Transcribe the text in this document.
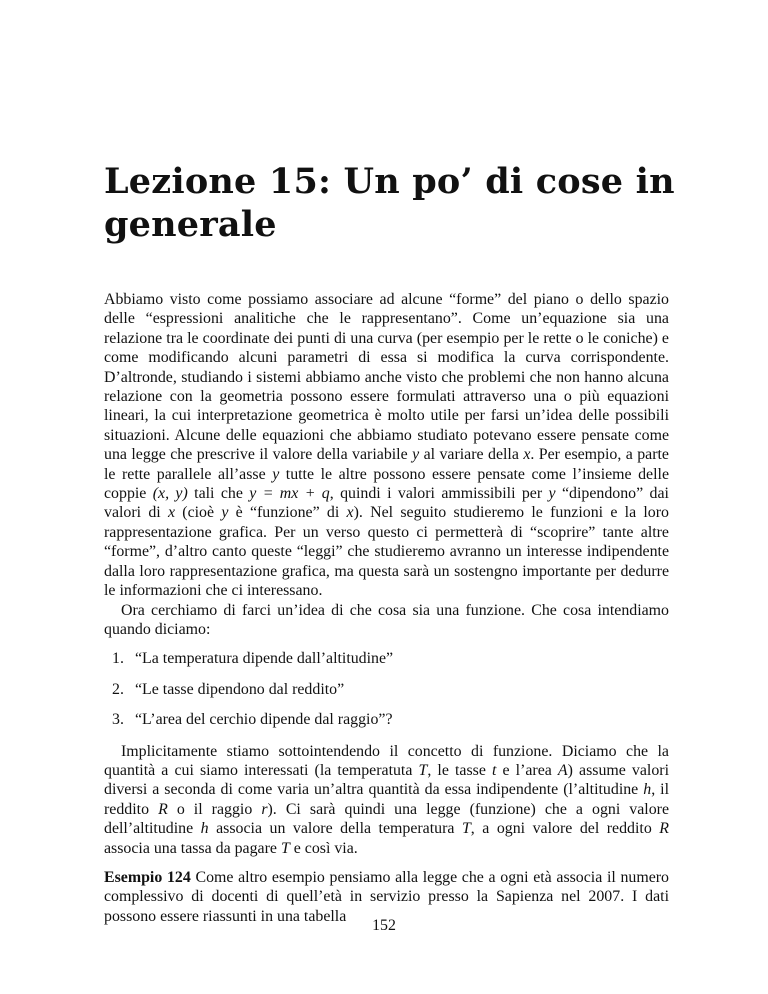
Lezione 15: Un po’ di cose in generale

Abbiamo visto come possiamo associare ad alcune “forme” del piano o dello spazio delle “espressioni analitiche che le rappresentano”. Come un’equazione sia una relazione tra le coordinate dei punti di una curva (per esempio per le rette o le coniche) e come modificando alcuni parametri di essa si modifica la curva corrispondente. D’altronde, studiando i sistemi abbiamo anche visto che problemi che non hanno alcuna relazione con la geometria possono essere formulati attraverso una o più equazioni lineari, la cui interpretazione geometrica è molto utile per farsi un’idea delle possibili situazioni. Alcune delle equazioni che abbiamo studiato potevano essere pensate come una legge che prescrive il valore della variabile y al variare della x. Per esempio, a parte le rette parallele all’asse y tutte le altre possono essere pensate come l’insieme delle coppie (x, y) tali che y = mx + q, quindi i valori ammissibili per y “dipendono” dai valori di x (cioè y è “funzione” di x). Nel seguito studieremo le funzioni e la loro rappresentazione grafica. Per un verso questo ci permetterà di “scoprire” tante altre “forme”, d’altro canto queste “leggi” che studieremo avranno un interesse indipendente dalla loro rappresentazione grafica, ma questa sarà un sostengno importante per dedurre le informazioni che ci interessano.

Ora cerchiamo di farci un’idea di che cosa sia una funzione. Che cosa intendiamo quando diciamo:

1. “La temperatura dipende dall’altitudine”
2. “Le tasse dipendono dal reddito”
3. “L’area del cerchio dipende dal raggio”?

Implicitamente stiamo sottointendendo il concetto di funzione. Diciamo che la quantità a cui siamo interessati (la temperatuta T, le tasse t e l’area A) assume valori diversi a seconda di come varia un’altra quantità da essa indipendente (l’altitudine h, il reddito R o il raggio r). Ci sarà quindi una legge (funzione) che a ogni valore dell’altitudine h associa un valore della temperatura T, a ogni valore del reddito R associa una tassa da pagare T e così via.

Esempio 124 Come altro esempio pensiamo alla legge che a ogni età associa il numero complessivo di docenti di quell’età in servizio presso la Sapienza nel 2007. I dati possono essere riassunti in una tabella

152
